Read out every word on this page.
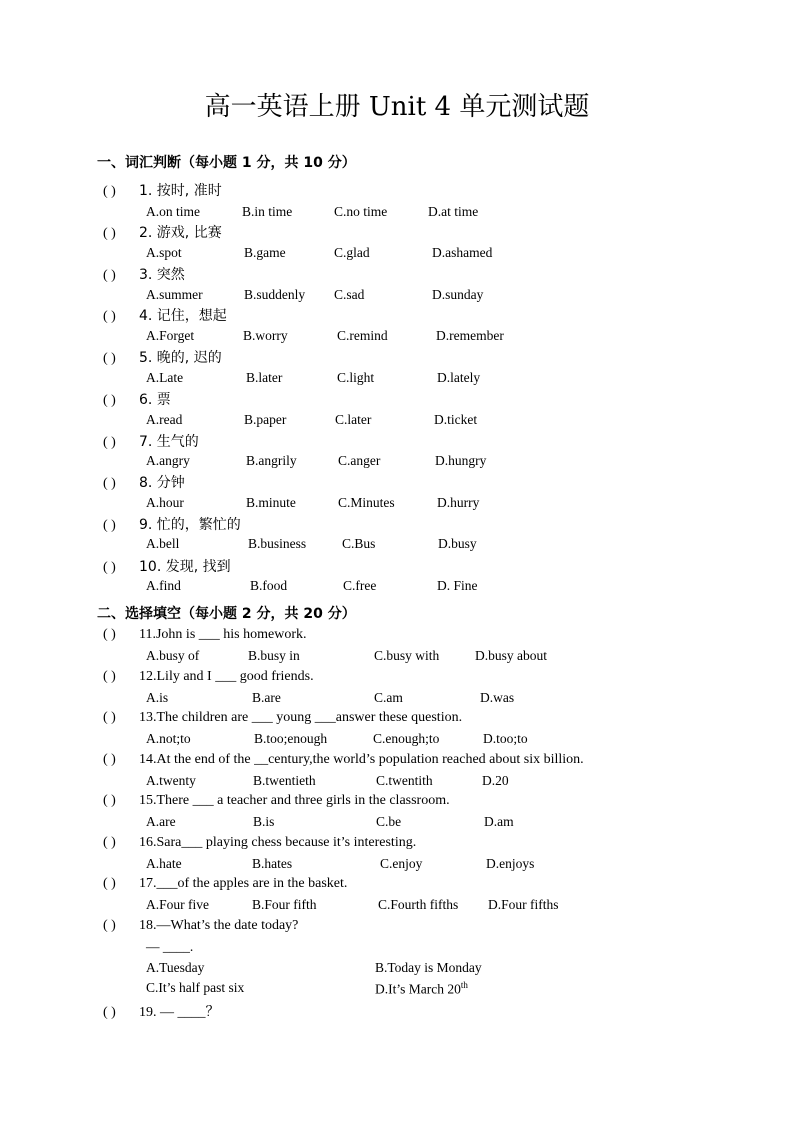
高一英语上册 Unit 4 单元测试题
一、词汇判断（每小题 1 分，共 10 分）
( ) 1. 按时, 准时
A.on time	B.in time	C.no time	D.at time
( ) 2. 游戏, 比赛
A.spot	B.game	C.glad	D.ashamed
( ) 3. 突然
A.summer	B.suddenly C.sad	D.sunday
( ) 4. 记住，想起
A.Forget	B.worry	C.remind	D.remember
( ) 5. 晚的, 迟的
A.Late	B.later	C.light	D.lately
( ) 6. 票
A.read	B.paper	C.later	D.ticket
( ) 7. 生气的
A.angry	B.angrily	C.anger	D.hungry
( ) 8. 分钟
A.hour	B.minute	C.Minutes	D.hurry
( ) 9. 忙的，繁忙的
A.bell	B.business	C.Bus	D.busy
( ) 10. 发现, 找到
A.find	B.food	C.free	D. Fine
二、选择填空（每小题 2 分，共 20 分）
( ) 11.John is ___ his homework.
A.busy of	B.busy in	C.busy with	D.busy about
( ) 12.Lily and I ___ good friends.
A.is	B.are	C.am	D.was
( ) 13.The children are ___ young ___answer these question.
A.not;to	B.too;enough	C.enough;to	D.too;to
( ) 14.At the end of the __century,the world’s population reached about six billion.
A.twenty	B.twentieth	C.twentith	D.20
( ) 15.There ___ a teacher and three girls in the classroom.
A.are	B.is	C.be	D.am
( ) 16.Sara___ playing chess because it’s interesting.
A.hate	B.hates	C.enjoy	D.enjoys
( ) 17.___of the apples are in the basket.
A.Four five	B.Four fifth	C.Fourth fifths D.Four fifths
( ) 18.—What’s the date today?
— ____.
A.Tuesday	B.Today is Monday
C.It’s half past six	D.It’s March 20th
( ) 19. — ____？
